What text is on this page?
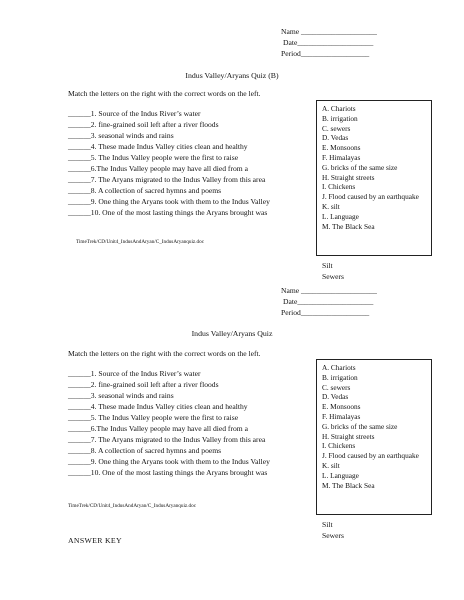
Name ____________________
Date____________________
Period__________________
Indus Valley/Aryans Quiz (B)
Match the letters on the right with the correct words on the left.
______1. Source of the Indus River’s water
______2. fine-grained soil left after a river floods
______3. seasonal winds and rains
______4. These made Indus Valley cities clean and healthy
______5. The Indus Valley people were the first to raise
______6.The Indus Valley people may have all died from a
______7. The Aryans migrated to the Indus Valley from this area
______8. A collection of sacred hymns and poems
______9. One thing the Aryans took with them to the Indus Valley
______10. One of the most lasting things the Aryans brought was
A. Chariots
B. irrigation
C. sewers
D. Vedas
E. Monsoons
F. Himalayas
G. bricks of the same size
H. Straight streets
I. Chickens
J. Flood caused by an earthquake
K. silt
L. Language
M. The Black Sea
TimeTrek/CD/Unit4_IndusAndAryan/C_IndusAryanquiz.doc
Silt
Sewers
Name ____________________
Date____________________
Period__________________
Indus Valley/Aryans Quiz
Match the letters on the right with the correct words on the left.
______1. Source of the Indus River’s water
______2. fine-grained soil left after a river floods
______3. seasonal winds and rains
______4. These made Indus Valley cities clean and healthy
______5. The Indus Valley people were the first to raise
______6.The Indus Valley people may have all died from a
______7. The Aryans migrated to the Indus Valley from this area
______8. A collection of sacred hymns and poems
______9. One thing the Aryans took with them to the Indus Valley
______10. One of the most lasting things the Aryans brought was
A. Chariots
B. irrigation
C. sewers
D. Vedas
E. Monsoons
F. Himalayas
G. bricks of the same size
H. Straight streets
I. Chickens
J. Flood caused by an earthquake
K. silt
L. Language
M. The Black Sea
TimeTrek/CD/Unit4_IndusAndAryan/C_IndusAryanquiz.doc
Silt
Sewers
ANSWER KEY
